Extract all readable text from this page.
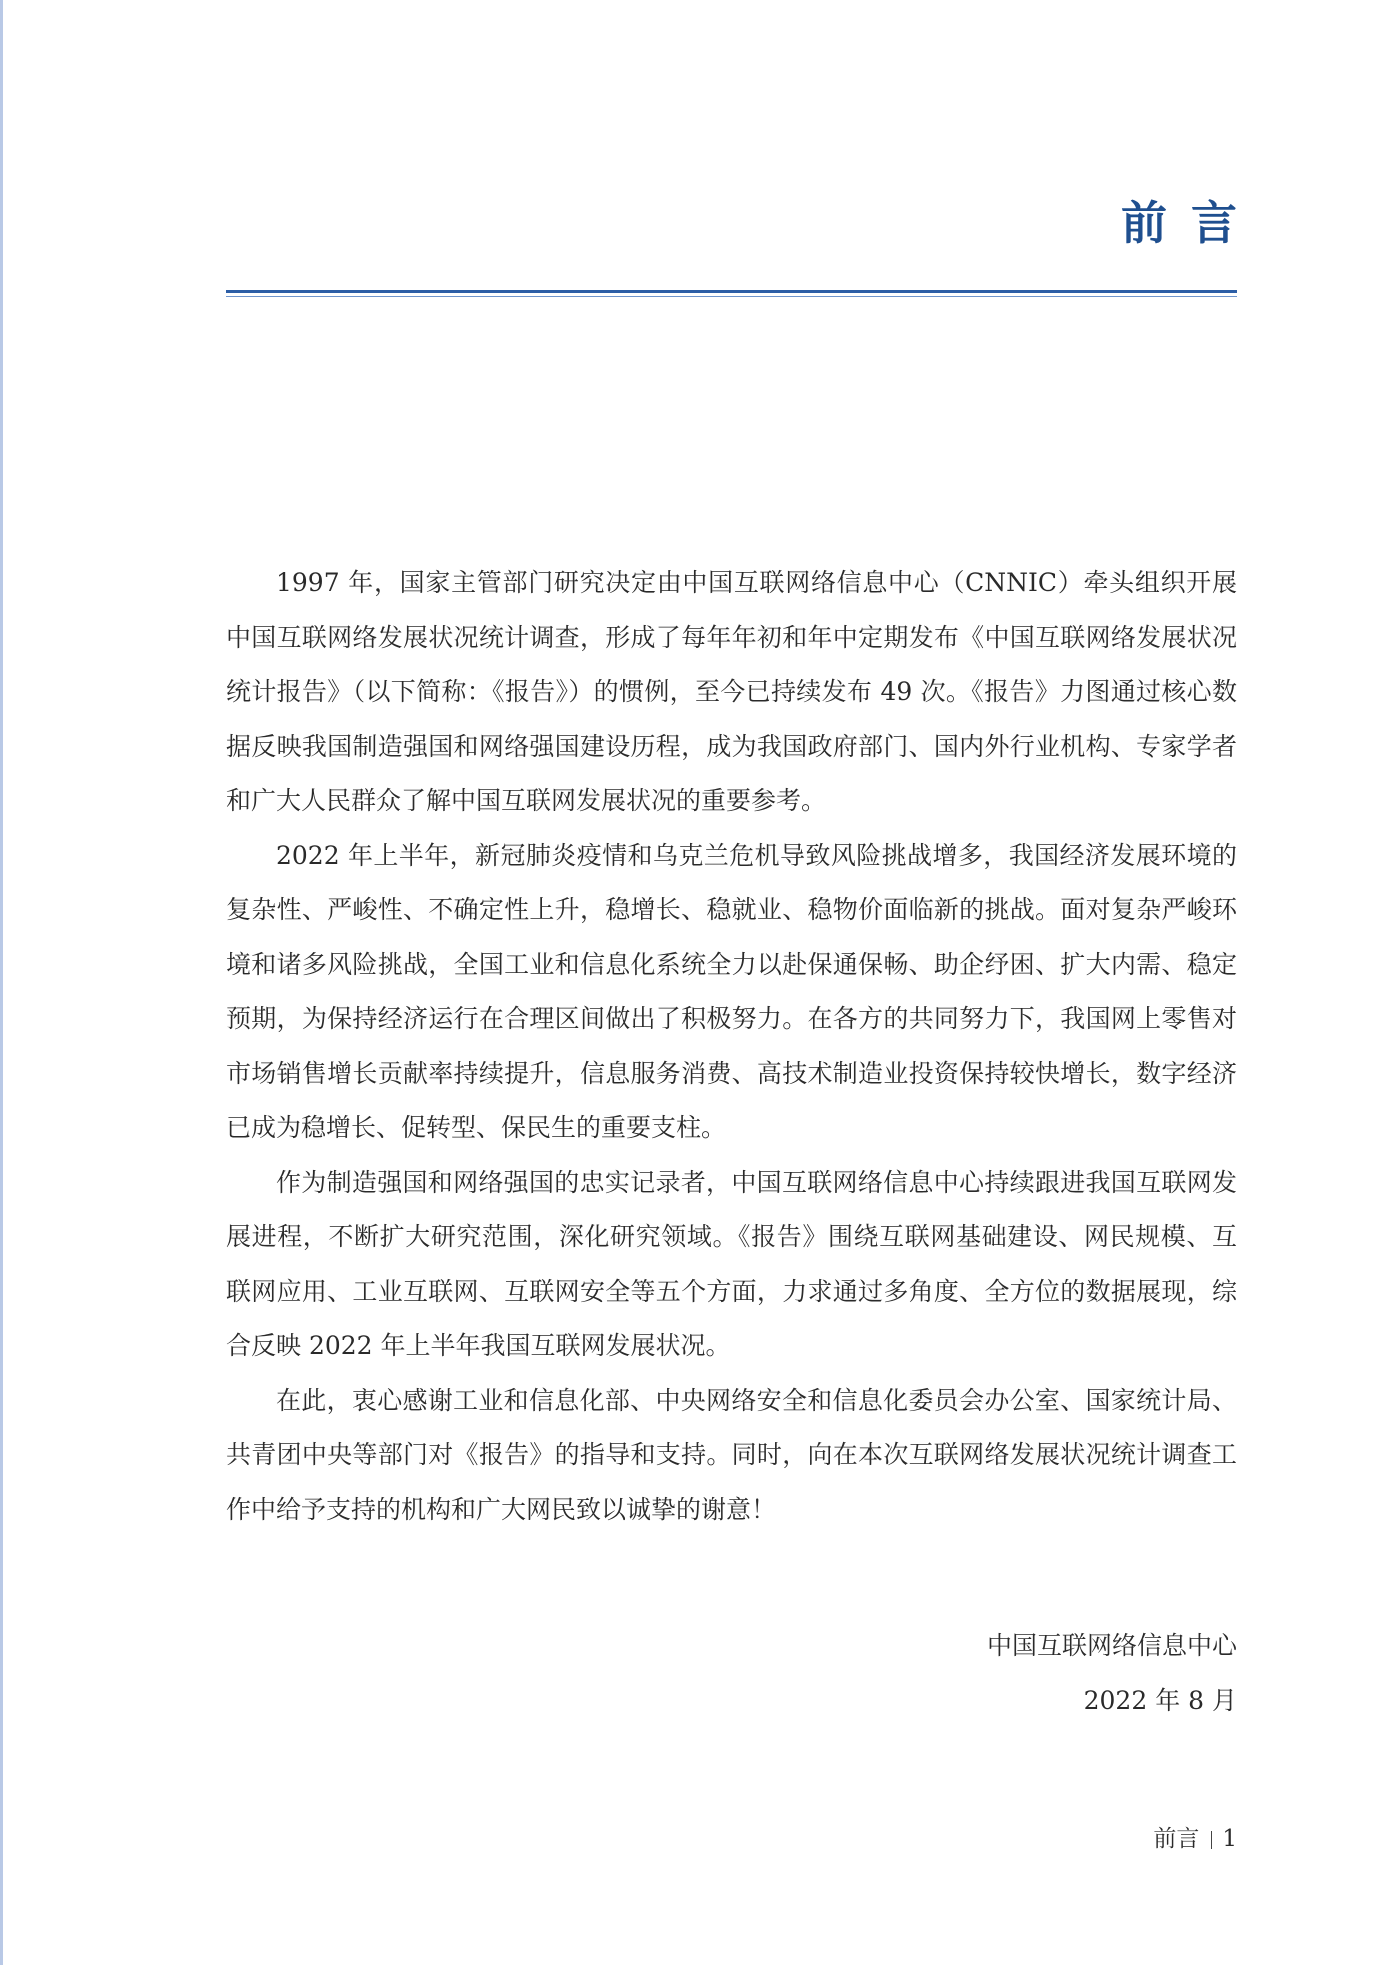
前言

1997 年，国家主管部门研究决定由中国互联网络信息中心（CNNIC）牵头组织开展中国互联网络发展状况统计调查，形成了每年年初和年中定期发布《中国互联网络发展状况统计报告》（以下简称：《报告》）的惯例，至今已持续发布 49 次。《报告》力图通过核心数据反映我国制造强国和网络强国建设历程，成为我国政府部门、国内外行业机构、专家学者和广大人民群众了解中国互联网发展状况的重要参考。

2022 年上半年，新冠肺炎疫情和乌克兰危机导致风险挑战增多，我国经济发展环境的复杂性、严峻性、不确定性上升，稳增长、稳就业、稳物价面临新的挑战。面对复杂严峻环境和诸多风险挑战，全国工业和信息化系统全力以赴保通保畅、助企纾困、扩大内需、稳定预期，为保持经济运行在合理区间做出了积极努力。在各方的共同努力下，我国网上零售对市场销售增长贡献率持续提升，信息服务消费、高技术制造业投资保持较快增长，数字经济已成为稳增长、促转型、保民生的重要支柱。

作为制造强国和网络强国的忠实记录者，中国互联网络信息中心持续跟进我国互联网发展进程，不断扩大研究范围，深化研究领域。《报告》围绕互联网基础建设、网民规模、互联网应用、工业互联网、互联网安全等五个方面，力求通过多角度、全方位的数据展现，综合反映 2022 年上半年我国互联网发展状况。

在此，衷心感谢工业和信息化部、中央网络安全和信息化委员会办公室、国家统计局、共青团中央等部门对《报告》的指导和支持。同时，向在本次互联网络发展状况统计调查工作中给予支持的机构和广大网民致以诚挚的谢意！

中国互联网络信息中心
2022 年 8 月
前言 1
